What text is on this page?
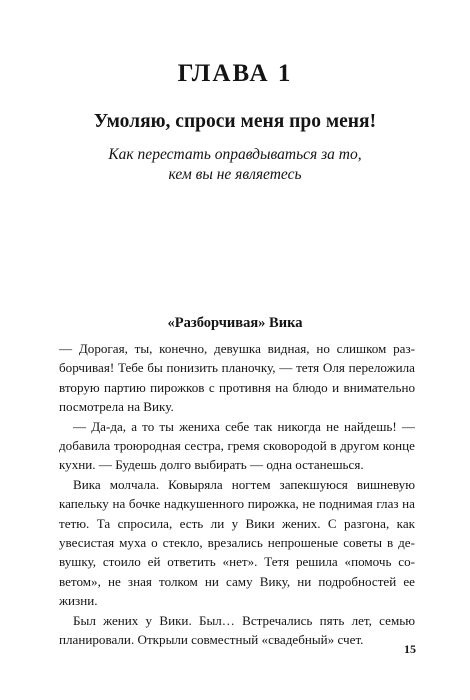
ГЛАВА 1
Умоляю, спроси меня про меня!
Как перестать оправдываться за то,
кем вы не являетесь
«Разборчивая» Вика

— Дорогая, ты, конечно, девушка видная, но слишком разборчивая! Тебе бы понизить планочку, — тетя Оля переложила вторую партию пирожков с противня на блюдо и внимательно посмотрела на Вику.

— Да-да, а то ты жениха себе так никогда не найдешь! — добавила троюродная сестра, гремя сковородой в другом конце кухни. — Будешь долго выбирать — одна останешься.

Вика молчала. Ковыряла ногтем запекшуюся вишневую капельку на бочке надкушенного пирожка, не поднимая глаз на тетю. Та спросила, есть ли у Вики жених. С разгона, как увесистая муха о стекло, врезались непрошеные советы в девушку, стоило ей ответить «нет». Тетя решила «помочь советом», не зная толком ни саму Вику, ни подробностей ее жизни.

Был жених у Вики. Был… Встречались пять лет, семью планировали. Открыли совместный «свадебный» счет.

15
